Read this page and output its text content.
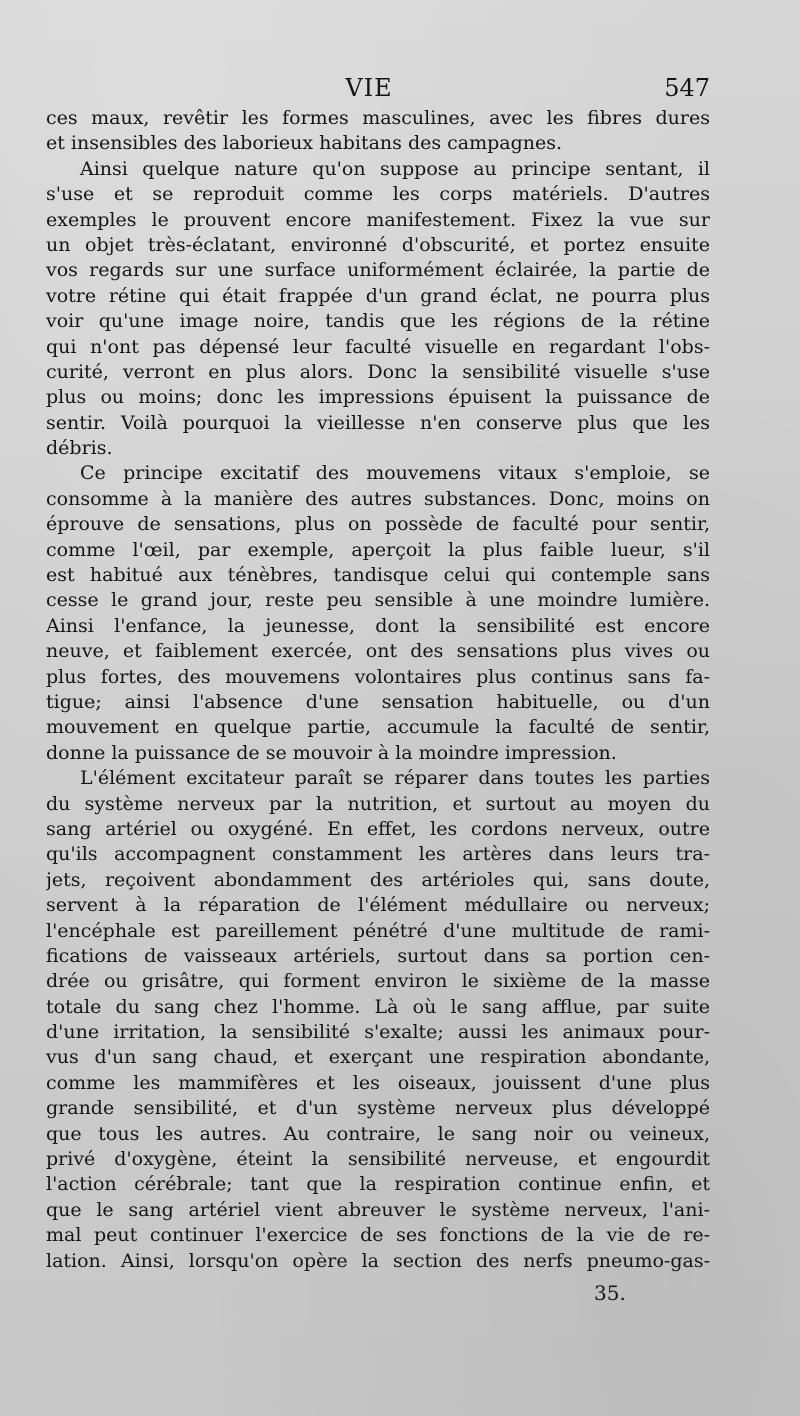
VIE	547
ces maux, revêtir les formes masculines, avec les fibres dures
et insensibles des laborieux habitans des campagnes.
Ainsi quelque nature qu'on suppose au principe sentant, il
s'use et se reproduit comme les corps matériels. D'autres
exemples le prouvent encore manifestement. Fixez la vue sur
un objet très-éclatant, environné d'obscurité, et portez ensuite
vos regards sur une surface uniformément éclairée, la partie de
votre rétine qui était frappée d'un grand éclat, ne pourra plus
voir qu'une image noire, tandis que les régions de la rétine
qui n'ont pas dépensé leur faculté visuelle en regardant l'obs-
curité, verront en plus alors. Donc la sensibilité visuelle s'use
plus ou moins; donc les impressions épuisent la puissance de
sentir. Voilà pourquoi la vieillesse n'en conserve plus que les
débris.
Ce principe excitatif des mouvemens vitaux s'emploie, se
consomme à la manière des autres substances. Donc, moins on
éprouve de sensations, plus on possède de faculté pour sentir,
comme l'œil, par exemple, aperçoit la plus faible lueur, s'il
est habitué aux ténèbres, tandisque celui qui contemple sans
cesse le grand jour, reste peu sensible à une moindre lumière.
Ainsi l'enfance, la jeunesse, dont la sensibilité est encore
neuve, et faiblement exercée, ont des sensations plus vives ou
plus fortes, des mouvemens volontaires plus continus sans fa-
tigue; ainsi l'absence d'une sensation habituelle, ou d'un
mouvement en quelque partie, accumule la faculté de sentir,
donne la puissance de se mouvoir à la moindre impression.
L'élément excitateur paraît se réparer dans toutes les parties
du système nerveux par la nutrition, et surtout au moyen du
sang artériel ou oxygéné. En effet, les cordons nerveux, outre
qu'ils accompagnent constamment les artères dans leurs tra-
jets, reçoivent abondamment des artérioles qui, sans doute,
servent à la réparation de l'élément médullaire ou nerveux;
l'encéphale est pareillement pénétré d'une multitude de rami-
fications de vaisseaux artériels, surtout dans sa portion cen-
drée ou grisâtre, qui forment environ le sixième de la masse
totale du sang chez l'homme. Là où le sang afflue, par suite
d'une irritation, la sensibilité s'exalte; aussi les animaux pour-
vus d'un sang chaud, et exerçant une respiration abondante,
comme les mammifères et les oiseaux, jouissent d'une plus
grande sensibilité, et d'un système nerveux plus développé
que tous les autres. Au contraire, le sang noir ou veineux,
privé d'oxygène, éteint la sensibilité nerveuse, et engourdit
l'action cérébrale; tant que la respiration continue enfin, et
que le sang artériel vient abreuver le système nerveux, l'ani-
mal peut continuer l'exercice de ses fonctions de la vie de re-
lation. Ainsi, lorsqu'on opère la section des nerfs pneumo-gas-
35.
